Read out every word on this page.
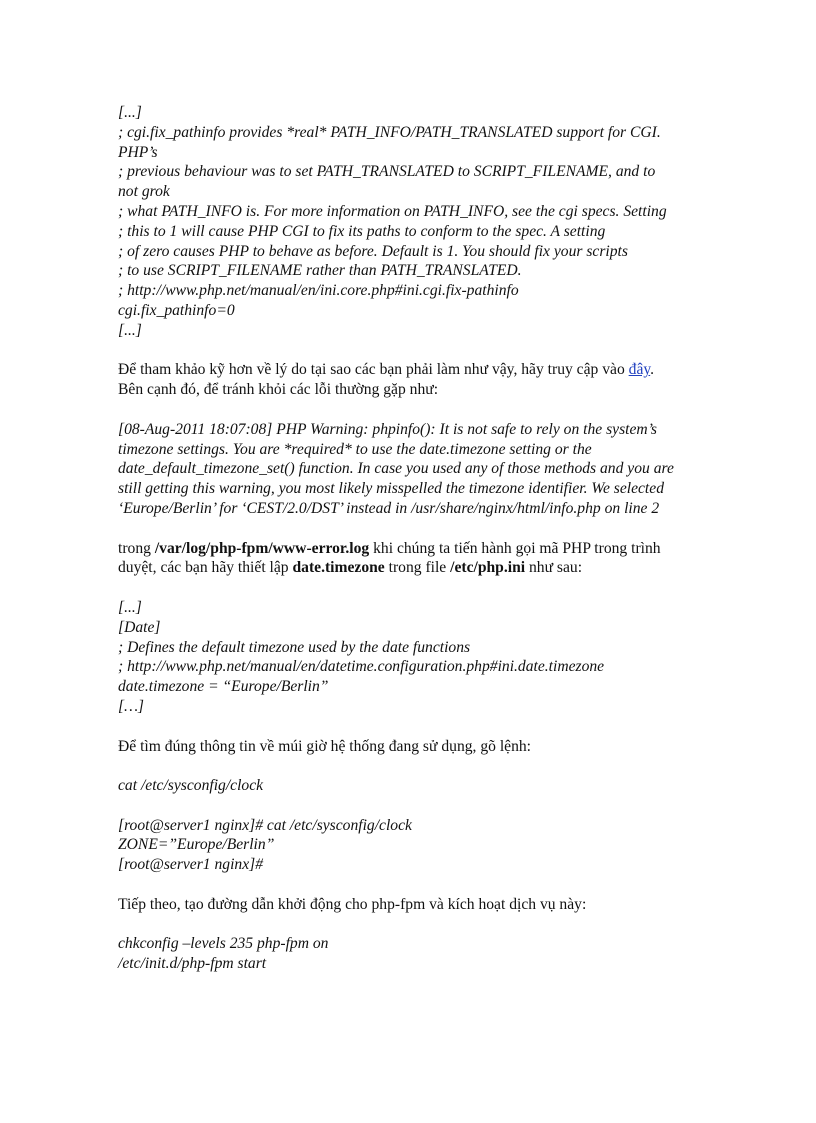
[...]
; cgi.fix_pathinfo provides *real* PATH_INFO/PATH_TRANSLATED support for CGI.
PHP’s
; previous behaviour was to set PATH_TRANSLATED to SCRIPT_FILENAME, and to
not grok
; what PATH_INFO is. For more information on PATH_INFO, see the cgi specs. Setting
; this to 1 will cause PHP CGI to fix its paths to conform to the spec. A setting
; of zero causes PHP to behave as before. Default is 1. You should fix your scripts
; to use SCRIPT_FILENAME rather than PATH_TRANSLATED.
; http://www.php.net/manual/en/ini.core.php#ini.cgi.fix-pathinfo
cgi.fix_pathinfo=0
[...]
Để tham khảo kỹ hơn về lý do tại sao các bạn phải làm như vậy, hãy truy cập vào đây.
Bên cạnh đó, để tránh khỏi các lỗi thường gặp như:
[08-Aug-2011 18:07:08] PHP Warning: phpinfo(): It is not safe to rely on the system’s
timezone settings. You are *required* to use the date.timezone setting or the
date_default_timezone_set() function. In case you used any of those methods and you are
still getting this warning, you most likely misspelled the timezone identifier. We selected
‘Europe/Berlin’ for ‘CEST/2.0/DST’ instead in /usr/share/nginx/html/info.php on line 2
trong /var/log/php-fpm/www-error.log khi chúng ta tiến hành gọi mã PHP trong trình
duyệt, các bạn hãy thiết lập date.timezone trong file /etc/php.ini như sau:
[...]
[Date]
; Defines the default timezone used by the date functions
; http://www.php.net/manual/en/datetime.configuration.php#ini.date.timezone
date.timezone = “Europe/Berlin”
[…]
Để tìm đúng thông tin về múi giờ hệ thống đang sử dụng, gõ lệnh:
cat /etc/sysconfig/clock
[root@server1 nginx]# cat /etc/sysconfig/clock
ZONE=”Europe/Berlin”
[root@server1 nginx]#
Tiếp theo, tạo đường dẫn khởi động cho php-fpm và kích hoạt dịch vụ này:
chkconfig –levels 235 php-fpm on
/etc/init.d/php-fpm start
